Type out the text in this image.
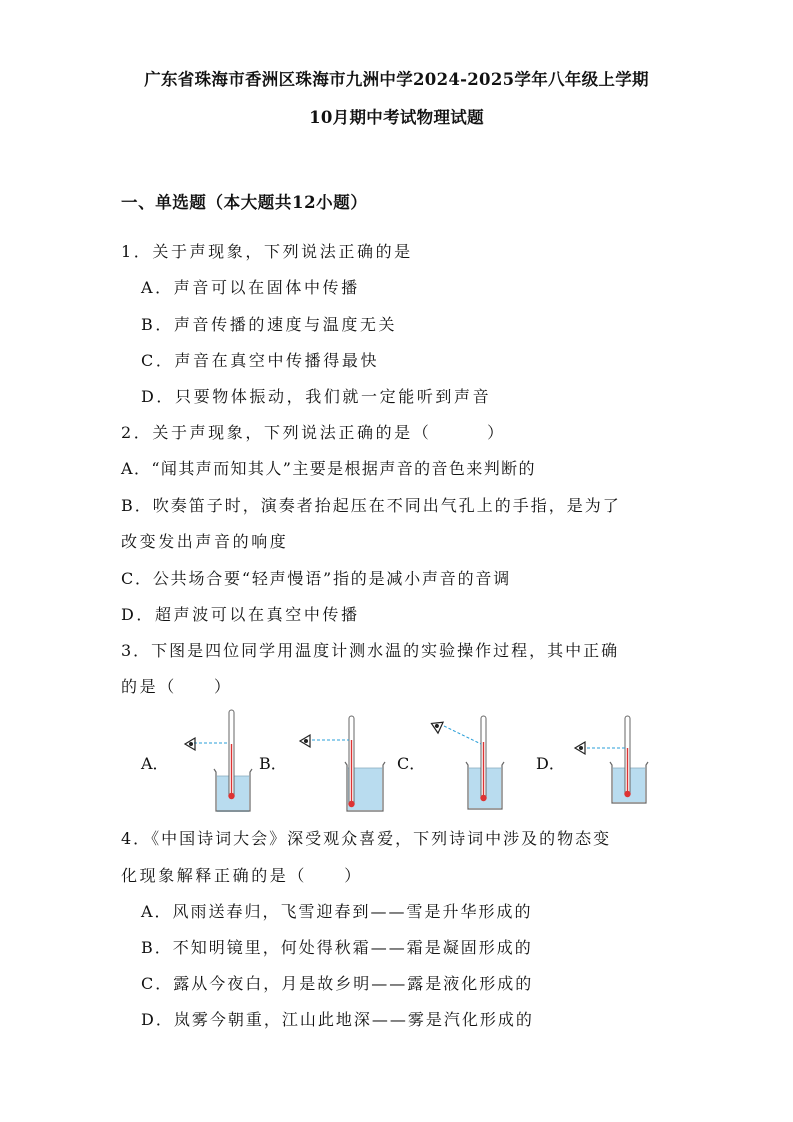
广东省珠海市香洲区珠海市九洲中学2024-2025学年八年级上学期
10月期中考试物理试题
一、单选题（本大题共12小题）
1．关于声现象，下列说法正确的是
A．声音可以在固体中传播
B．声音传播的速度与温度无关
C．声音在真空中传播得最快
D．只要物体振动，我们就一定能听到声音
2．关于声现象，下列说法正确的是（　　　）
A．“闻其声而知其人”主要是根据声音的音色来判断的
B．吹奏笛子时，演奏者抬起压在不同出气孔上的手指，是为了
改变发出声音的响度
C．公共场合要“轻声慢语”指的是减小声音的音调
D．超声波可以在真空中传播
3．下图是四位同学用温度计测水温的实验操作过程，其中正确
的是（　　）
A．	B．	C．	D．
4．《中国诗词大会》深受观众喜爱，下列诗词中涉及的物态变
化现象解释正确的是（　　）
A．风雨送春归，飞雪迎春到——雪是升华形成的
B．不知明镜里，何处得秋霜——霜是凝固形成的
C．露从今夜白，月是故乡明——露是液化形成的
D．岚雾今朝重，江山此地深——雾是汽化形成的
